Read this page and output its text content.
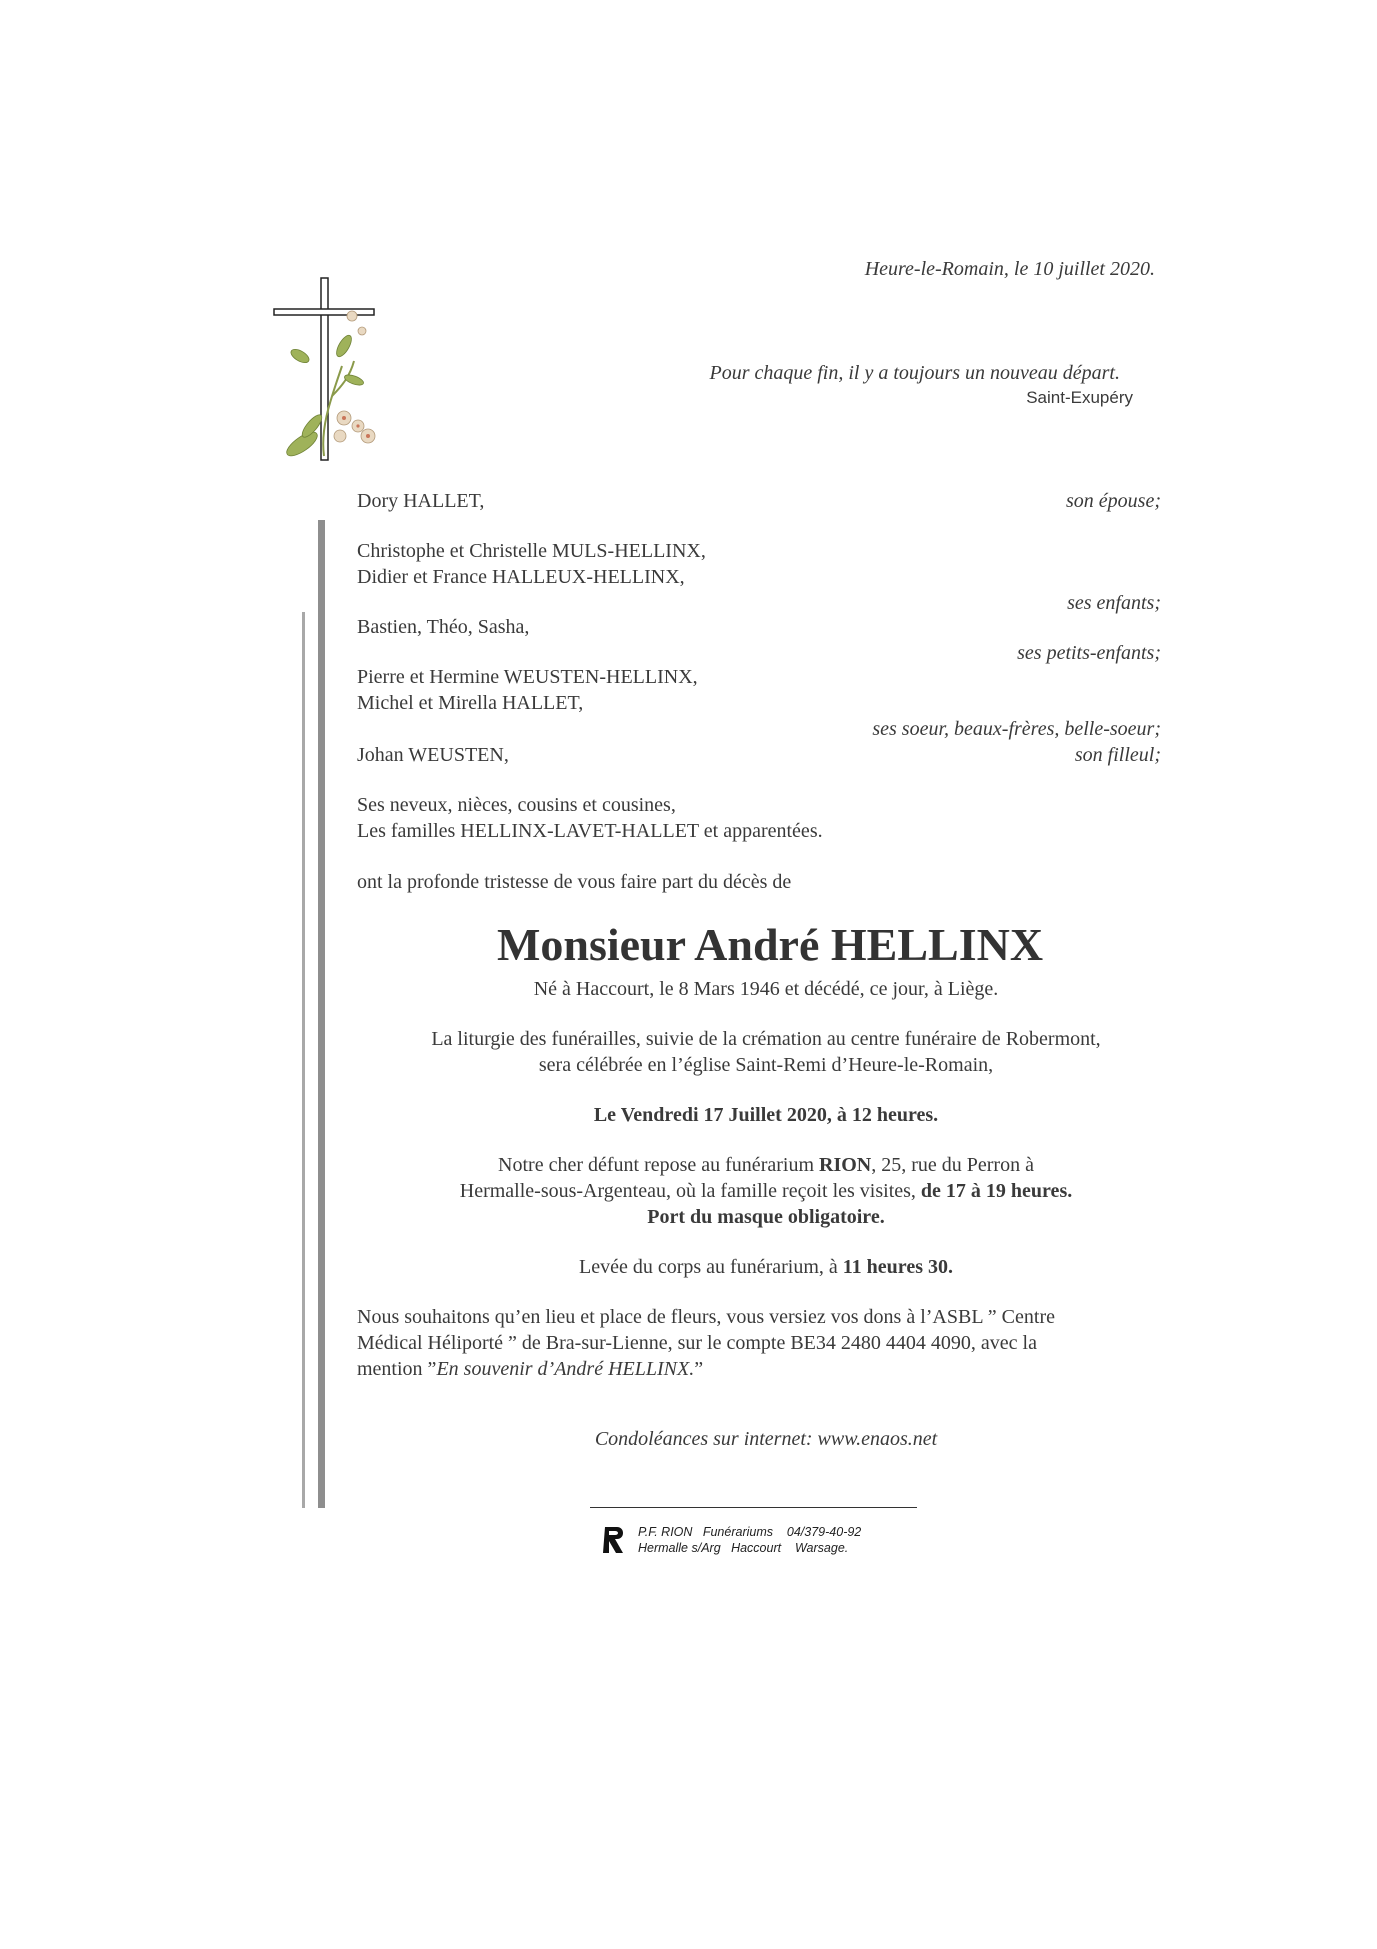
Heure-le-Romain, le 10 juillet 2020.
Pour chaque fin, il y a toujours un nouveau départ.
Saint-Exupéry
Dory HALLET,	son épouse;
Christophe et Christelle MULS-HELLINX,
Didier et France HALLEUX-HELLINX,
ses enfants;
Bastien, Théo, Sasha,
ses petits-enfants;
Pierre et Hermine WEUSTEN-HELLINX,
Michel et Mirella HALLET,
ses soeur, beaux-frères, belle-soeur;
Johan WEUSTEN,	son filleul;
Ses neveux, nièces, cousins et cousines,
Les familles HELLINX-LAVET-HALLET et apparentées.
ont la profonde tristesse de vous faire part du décès de
Monsieur André HELLINX
Né à Haccourt, le 8 Mars 1946 et décédé, ce jour, à Liège.
La liturgie des funérailles, suivie de la crémation au centre funéraire de Robermont,
sera célébrée en l’église Saint-Remi d’Heure-le-Romain,
Le Vendredi 17 Juillet 2020, à 12 heures.
Notre cher défunt repose au funérarium RION, 25, rue du Perron à
Hermalle-sous-Argenteau, où la famille reçoit les visites, de 17 à 19 heures.
Port du masque obligatoire.
Levée du corps au funérarium, à 11 heures 30.
Nous souhaitons qu’en lieu et place de fleurs, vous versiez vos dons à l’ASBL ” Centre
Médical Héliporté ” de Bra-sur-Lienne, sur le compte BE34 2480 4404 4090, avec la
mention ”En souvenir d’André HELLINX.”
Condoléances sur internet: www.enaos.net
P.F. RION   Funérariums    04/379-40-92
Hermalle s/Arg   Haccourt    Warsage.
